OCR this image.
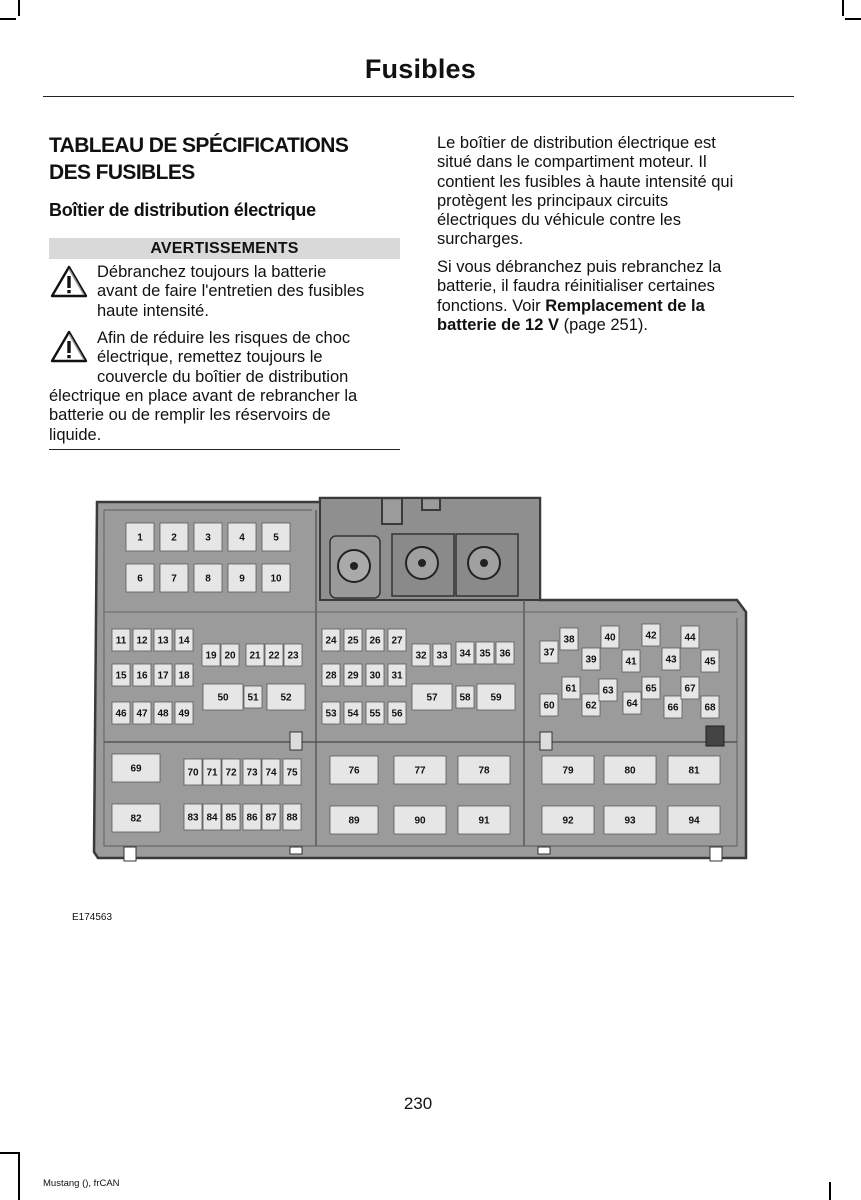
Fusibles
TABLEAU DE SPÉCIFICATIONS
DES FUSIBLES
Boîtier de distribution électrique
AVERTISSEMENTS
Débranchez toujours la batterie
avant de faire l'entretien des fusibles
haute intensité.
Afin de réduire les risques de choc
électrique, remettez toujours le
couvercle du boîtier de distribution
électrique en place avant de rebrancher la
batterie ou de remplir les réservoirs de
liquide.
Le boîtier de distribution électrique est
situé dans le compartiment moteur. Il
contient les fusibles à haute intensité qui
protègent les principaux circuits
électriques du véhicule contre les
surcharges.
Si vous débranchez puis rebranchez la
batterie, il faudra réinitialiser certaines
fonctions. Voir Remplacement de la
batterie de 12 V (page 251).
1	2	3	4	5
6	7	8	9	10
11 12 13 14
15 16 17 18
19 20 21 22 23
24 25 26 27
28 29 30 31
32 33 34 35 36	37
38
39
40
41
42
43
44
45
46 47 48 49
50 51 52
53 54 55 56
57 58 59
60
61
62
63
64
65
66
67
68
69	70 71 72 73 74 75	76	77	78	79	80	81
82	83 84 85 86 87 88	89	90	91	92	93	94
E174563
230
Mustang (), frCAN
